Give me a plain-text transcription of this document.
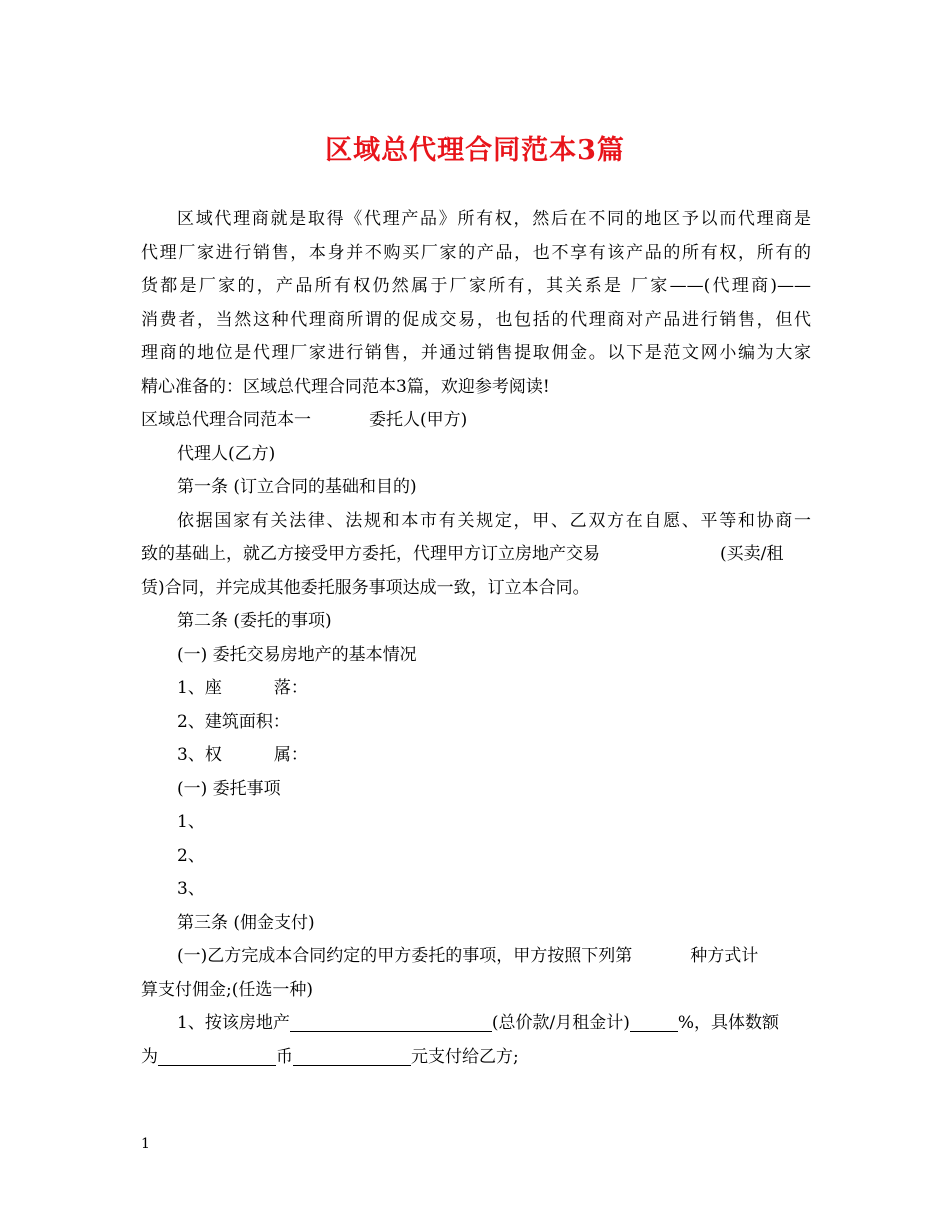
区域总代理合同范本3篇
区域代理商就是取得《代理产品》所有权，然后在不同的地区予以而代理商是
代理厂家进行销售，本身并不购买厂家的产品，也不享有该产品的所有权，所有的
货都是厂家的，产品所有权仍然属于厂家所有，其关系是 厂家——(代理商)——
消费者，当然这种代理商所谓的促成交易，也包括的代理商对产品进行销售，但代
理商的地位是代理厂家进行销售，并通过销售提取佣金。以下是范文网小编为大家
精心准备的：区域总代理合同范本3篇，欢迎参考阅读!
区域总代理合同范本一	委托人(甲方)
代理人(乙方)
第一条 (订立合同的基础和目的)
依据国家有关法律、法规和本市有关规定，甲、乙双方在自愿、平等和协商一
致的基础上，就乙方接受甲方委托，代理甲方订立房地产交易	(买卖/租
赁)合同，并完成其他委托服务事项达成一致，订立本合同。
第二条 (委托的事项)
(一) 委托交易房地产的基本情况
1、座	落：
2、建筑面积：
3、权	属：
(一) 委托事项
1、
2、
3、
第三条 (佣金支付)
(一)乙方完成本合同约定的甲方委托的事项，甲方按照下列第	种方式计
算支付佣金;(任选一种)
1、按该房地产	(总价款/月租金计)	%，具体数额
为	币	元支付给乙方;
1
